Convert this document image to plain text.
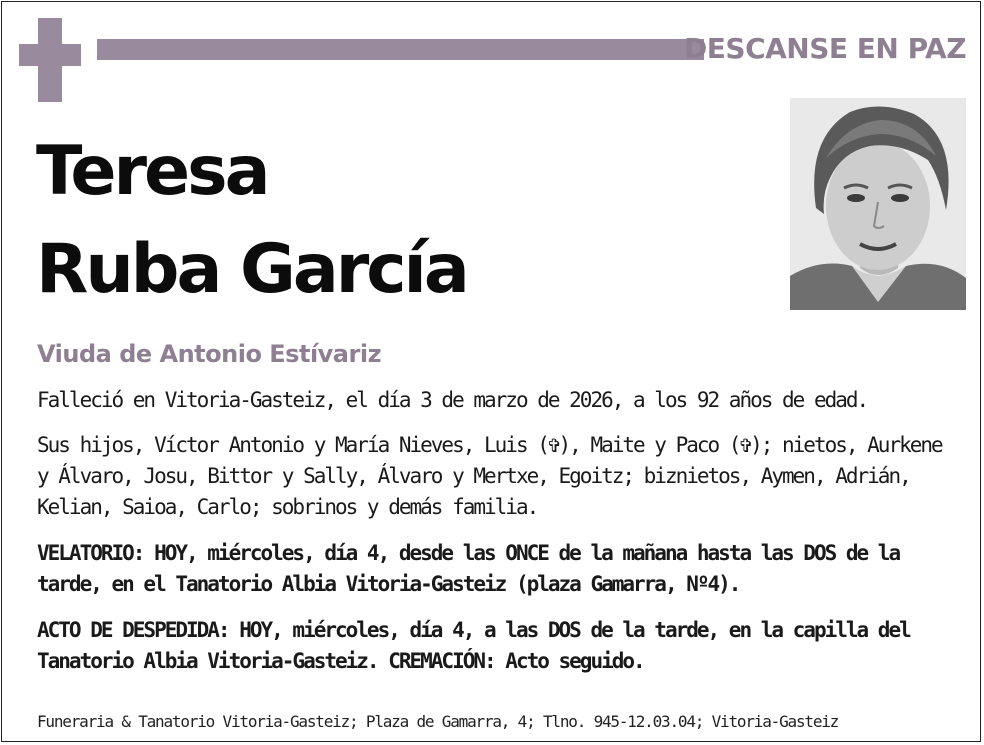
DESCANSE EN PAZ
Teresa
Ruba García
Viuda de Antonio Estívariz
Falleció en Vitoria-Gasteiz, el día 3 de marzo de 2026, a los 92 años de edad.
Sus hijos, Víctor Antonio y María Nieves, Luis (✞), Maite y Paco (✞); nietos, Aurkene y Álvaro, Josu, Bittor y Sally, Álvaro y Mertxe, Egoitz; biznietos, Aymen, Adrián, Kelian, Saioa, Carlo; sobrinos y demás familia.
VELATORIO: HOY, miércoles, día 4, desde las ONCE de la mañana hasta las DOS de la tarde, en el Tanatorio Albia Vitoria-Gasteiz (plaza Gamarra, Nº4).
ACTO DE DESPEDIDA: HOY, miércoles, día 4, a las DOS de la tarde, en la capilla del Tanatorio Albia Vitoria-Gasteiz. CREMACIÓN: Acto seguido.
Funeraria & Tanatorio Vitoria-Gasteiz; Plaza de Gamarra, 4; Tlno. 945-12.03.04; Vitoria-Gasteiz
